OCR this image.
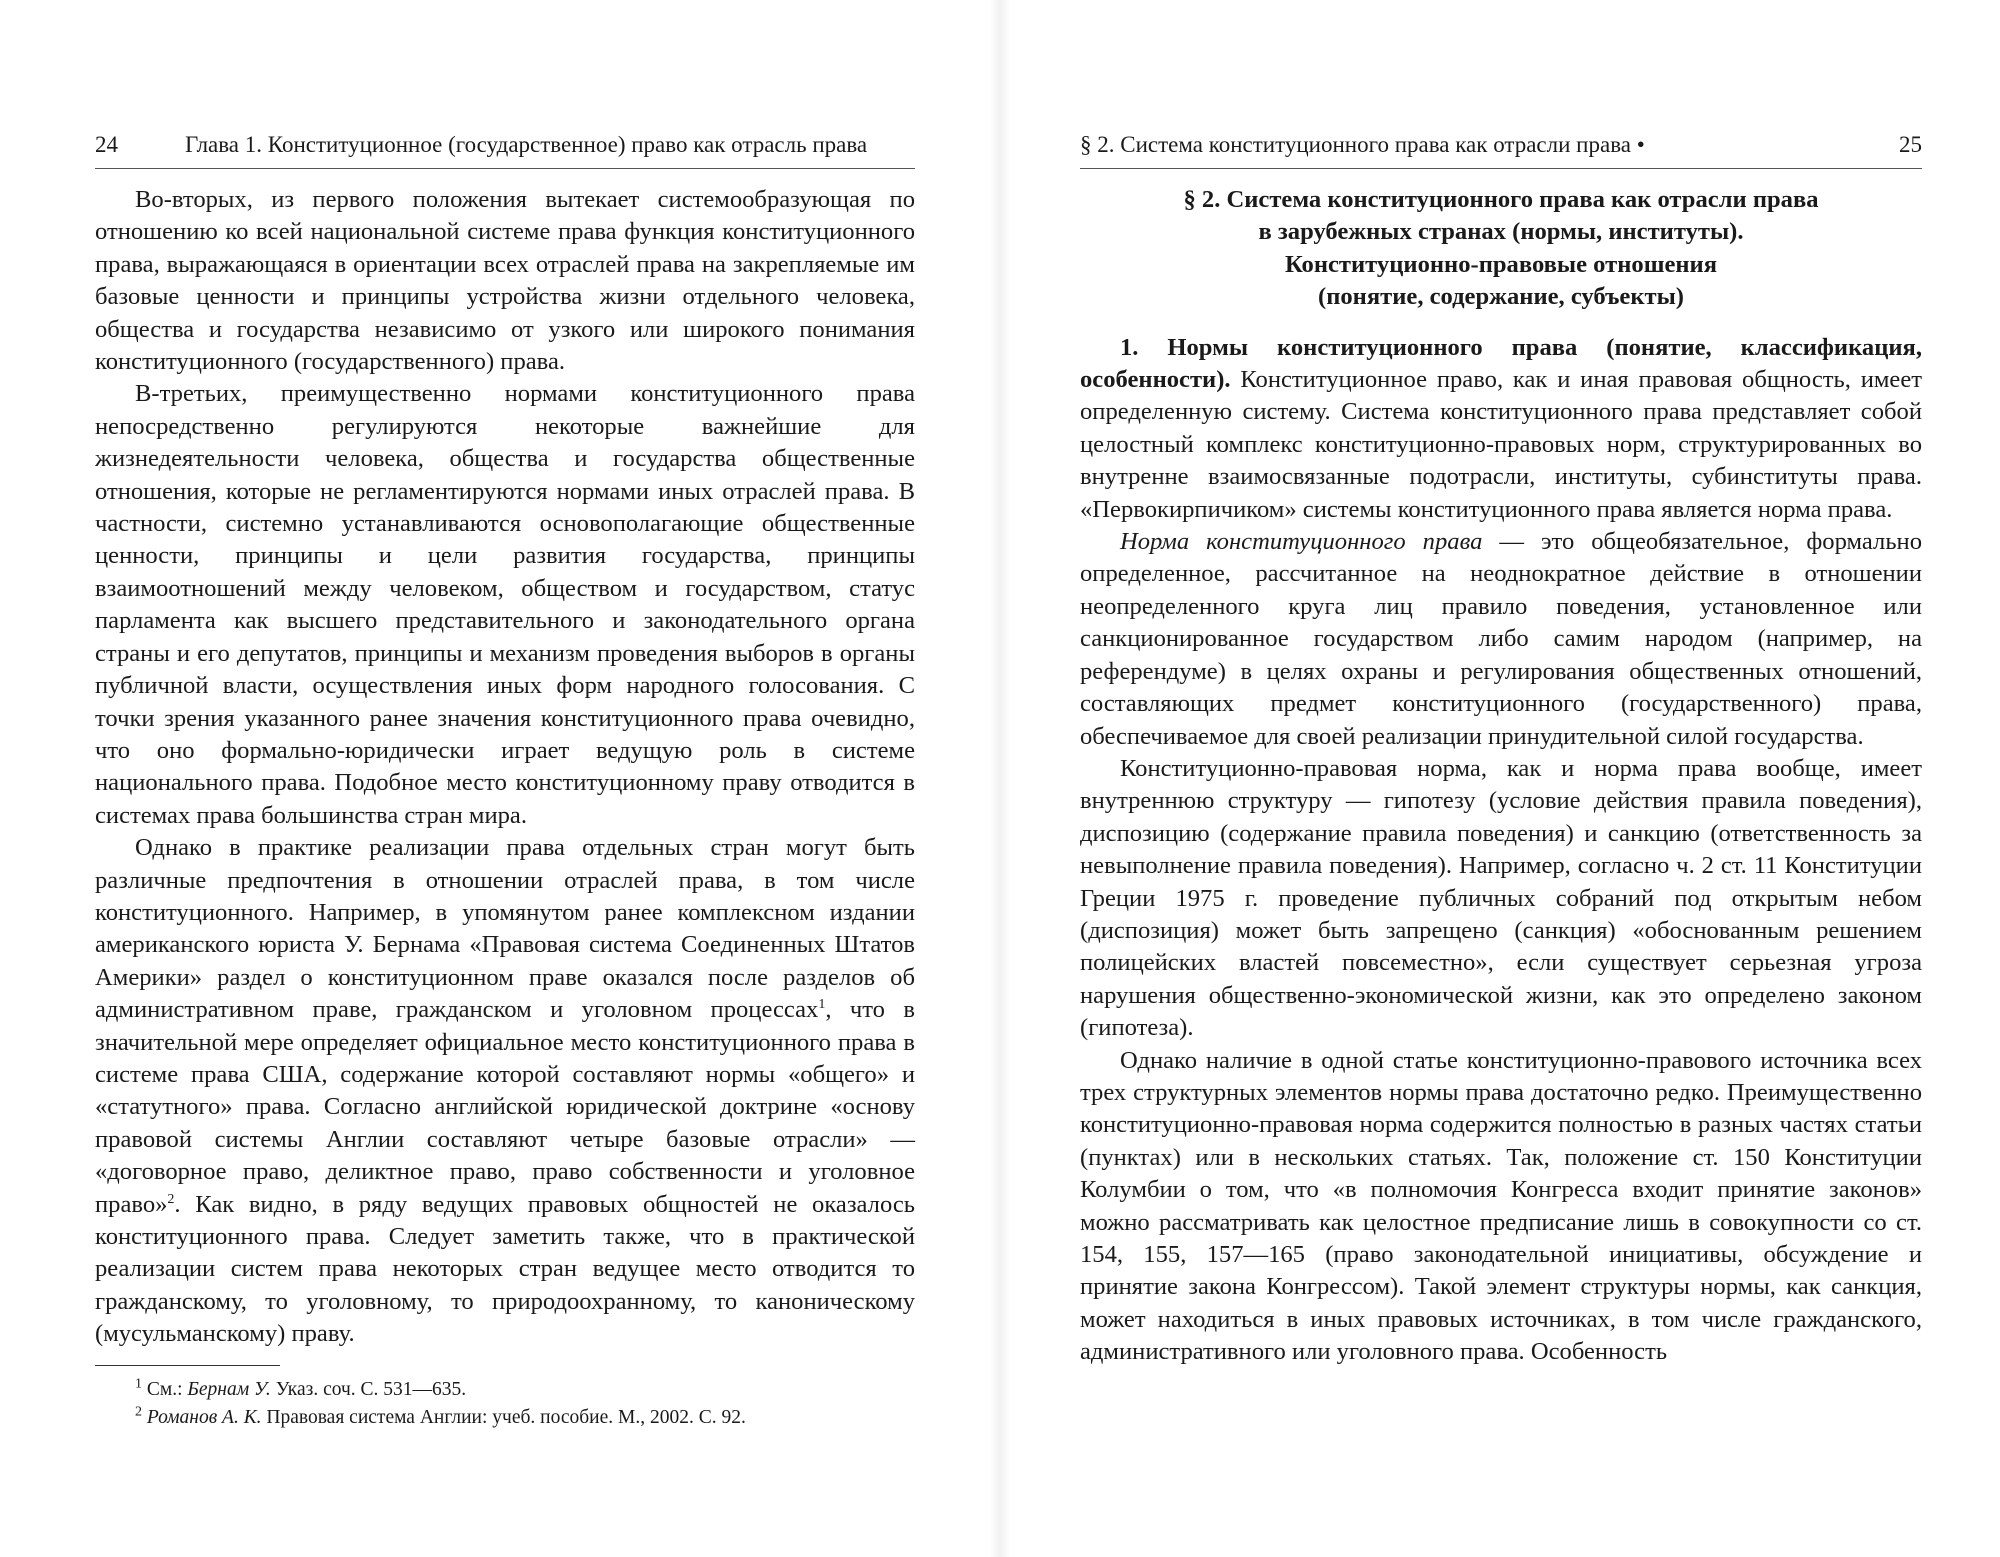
24	Глава 1. Конституционное (государственное) право как отрасль права

Во-вторых, из первого положения вытекает системообразующая по отношению ко всей национальной системе права функция конституционного права, выражающаяся в ориентации всех отраслей права на закрепляемые им базовые ценности и принципы устройства жизни отдельного человека, общества и государства независимо от узкого или широкого понимания конституционного (государственного) права.

В-третьих, преимущественно нормами конституционного права непосредственно регулируются некоторые важнейшие для жизнедеятельности человека, общества и государства общественные отношения, которые не регламентируются нормами иных отраслей права. В частности, системно устанавливаются основополагающие общественные ценности, принципы и цели развития государства, принципы взаимоотношений между человеком, обществом и государством, статус парламента как высшего представительного и законодательного органа страны и его депутатов, принципы и механизм проведения выборов в органы публичной власти, осуществления иных форм народного голосования. С точки зрения указанного ранее значения конституционного права очевидно, что оно формально-юридически играет ведущую роль в системе национального права. Подобное место конституционному праву отводится в системах права большинства стран мира.

Однако в практике реализации права отдельных стран могут быть различные предпочтения в отношении отраслей права, в том числе конституционного. Например, в упомянутом ранее комплексном издании американского юриста У. Бернама «Правовая система Соединенных Штатов Америки» раздел о конституционном праве оказался после разделов об административном праве, гражданском и уголовном процессах$^1$, что в значительной мере определяет официальное место конституционного права в системе права США, содержание которой составляют нормы «общего» и «статутного» права. Согласно английской юридической доктрине «основу правовой системы Англии составляют четыре базовые отрасли» — «договорное право, деликтное право, право собственности и уголовное право»$^2$. Как видно, в ряду ведущих правовых общностей не оказалось конституционного права. Следует заметить также, что в практической реализации систем права некоторых стран ведущее место отводится то гражданскому, то уголовному, то природоохранному, то каноническому (мусульманскому) праву.

$^1$ См.: Бернам У. Указ. соч. С. 531—635.

$^2$ Романов А. К. Правовая система Англии: учеб. пособие. М., 2002. С. 92.

§ 2. Система конституционного права как отрасли права •	25
§ 2. Система конституционного права как отрасли права
в зарубежных странах (нормы, институты).
Конституционно-правовые отношения
(понятие, содержание, субъекты)

1. Нормы конституционного права (понятие, классификация, особенности). Конституционное право, как и иная правовая общность, имеет определенную систему. Система конституционного права представляет собой целостный комплекс конституционно-правовых норм, структурированных во внутренне взаимосвязанные подотрасли, институты, субинституты права. «Первокирпичиком» системы конституционного права является норма права.

Норма конституционного права — это общеобязательное, формально определенное, рассчитанное на неоднократное действие в отношении неопределенного круга лиц правило поведения, установленное или санкционированное государством либо самим народом (например, на референдуме) в целях охраны и регулирования общественных отношений, составляющих предмет конституционного (государственного) права, обеспечиваемое для своей реализации принудительной силой государства.

Конституционно-правовая норма, как и норма права вообще, имеет внутреннюю структуру — гипотезу (условие действия правила поведения), диспозицию (содержание правила поведения) и санкцию (ответственность за невыполнение правила поведения). Например, согласно ч. 2 ст. 11 Конституции Греции 1975 г. проведение публичных собраний под открытым небом (диспозиция) может быть запрещено (санкция) «обоснованным решением полицейских властей повсеместно», если существует серьезная угроза нарушения общественно-экономической жизни, как это определено законом (гипотеза).

Однако наличие в одной статье конституционно-правового источника всех трех структурных элементов нормы права достаточно редко. Преимущественно конституционно-правовая норма содержится полностью в разных частях статьи (пунктах) или в нескольких статьях. Так, положение ст. 150 Конституции Колумбии о том, что «в полномочия Конгресса входит принятие законов» можно рассматривать как целостное предписание лишь в совокупности со ст. 154, 155, 157—165 (право законодательной инициативы, обсуждение и принятие закона Конгрессом). Такой элемент структуры нормы, как санкция, может находиться в иных правовых источниках, в том числе гражданского, административного или уголовного права. Особенность
